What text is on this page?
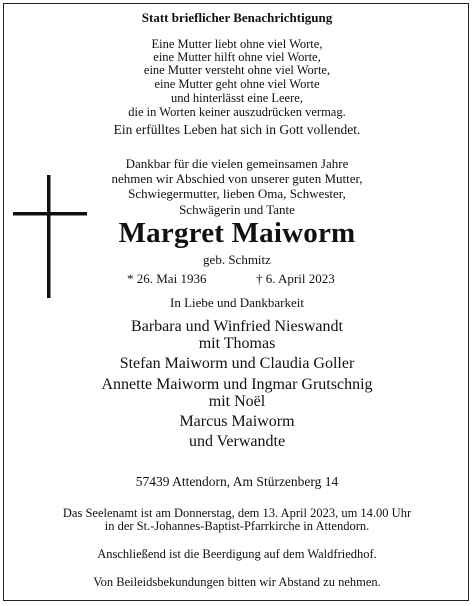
Statt brieflicher Benachrichtigung
Eine Mutter liebt ohne viel Worte,
eine Mutter hilft ohne viel Worte,
eine Mutter versteht ohne viel Worte,
eine Mutter geht ohne viel Worte
und hinterlässt eine Leere,
die in Worten keiner auszudrücken vermag.
Ein erfülltes Leben hat sich in Gott vollendet.
Dankbar für die vielen gemeinsamen Jahre
nehmen wir Abschied von unserer guten Mutter,
Schwiegermutter, lieben Oma, Schwester,
Schwägerin und Tante
Margret Maiworm
geb. Schmitz
* 26. Mai 1936	† 6. April 2023
In Liebe und Dankbarkeit
Barbara und Winfried Nieswandt
mit Thomas
Stefan Maiworm und Claudia Goller
Annette Maiworm und Ingmar Grutschnig
mit Noël
Marcus Maiworm
und Verwandte
57439 Attendorn, Am Stürzenberg 14
Das Seelenamt ist am Donnerstag, dem 13. April 2023, um 14.00 Uhr
in der St.-Johannes-Baptist-Pfarrkirche in Attendorn.
Anschließend ist die Beerdigung auf dem Waldfriedhof.
Von Beileidsbekundungen bitten wir Abstand zu nehmen.
